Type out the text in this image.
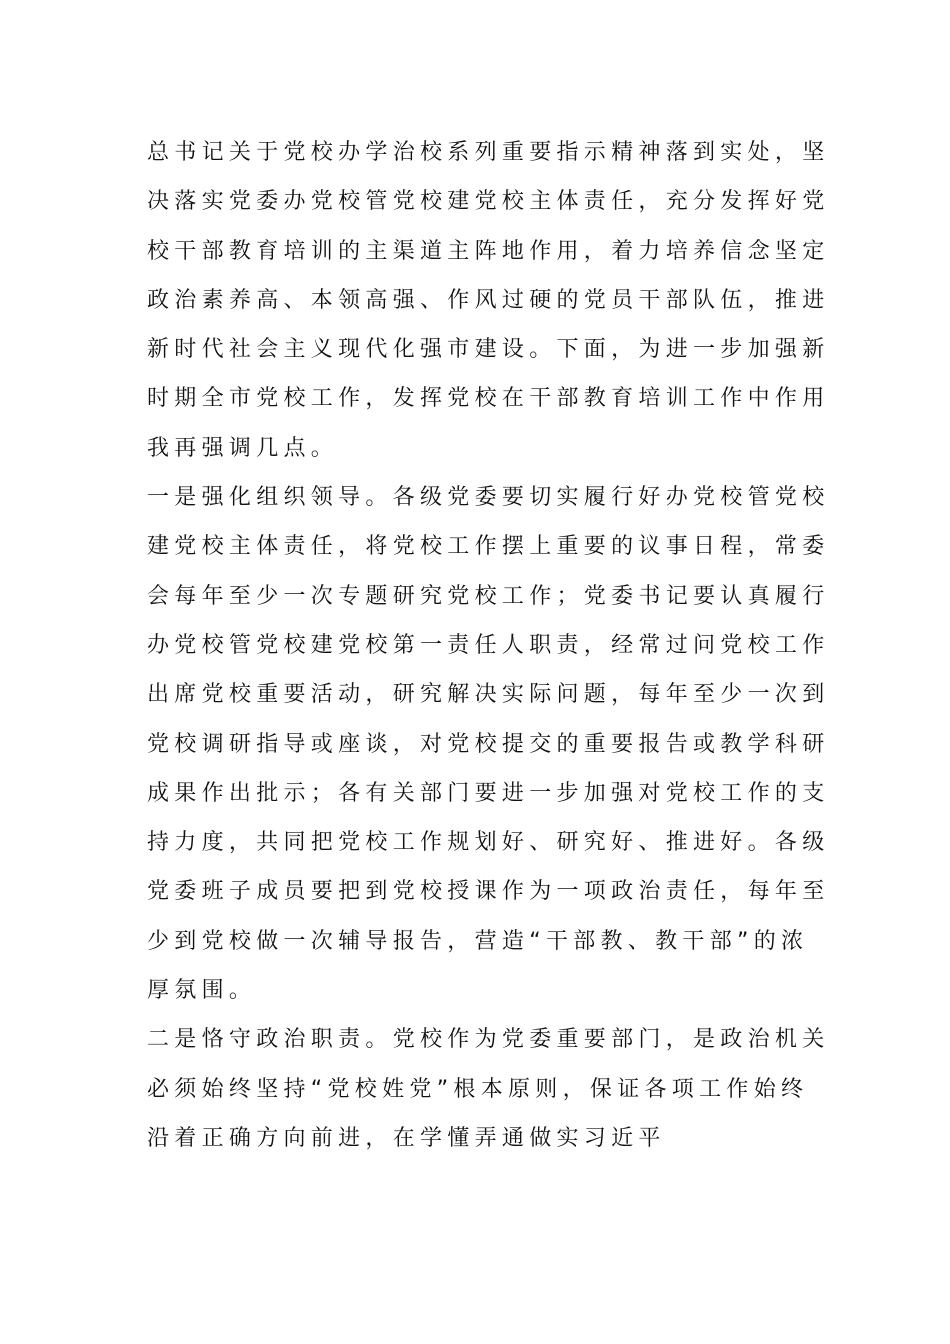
总书记关于党校办学治校系列重要指示精神落到实处，坚
决落实党委办党校管党校建党校主体责任，充分发挥好党
校干部教育培训的主渠道主阵地作用，着力培养信念坚定
政治素养高、本领高强、作风过硬的党员干部队伍，推进
新时代社会主义现代化强市建设。下面，为进一步加强新
时期全市党校工作，发挥党校在干部教育培训工作中作用
我再强调几点。
一是强化组织领导。各级党委要切实履行好办党校管党校
建党校主体责任，将党校工作摆上重要的议事日程，常委
会每年至少一次专题研究党校工作；党委书记要认真履行
办党校管党校建党校第一责任人职责，经常过问党校工作
出席党校重要活动，研究解决实际问题，每年至少一次到
党校调研指导或座谈，对党校提交的重要报告或教学科研
成果作出批示；各有关部门要进一步加强对党校工作的支
持力度，共同把党校工作规划好、研究好、推进好。各级
党委班子成员要把到党校授课作为一项政治责任，每年至
少到党校做一次辅导报告，营造“干部教、教干部”的浓
厚氛围。
二是恪守政治职责。党校作为党委重要部门，是政治机关
必须始终坚持“党校姓党”根本原则，保证各项工作始终
沿着正确方向前进，在学懂弄通做实习近平
